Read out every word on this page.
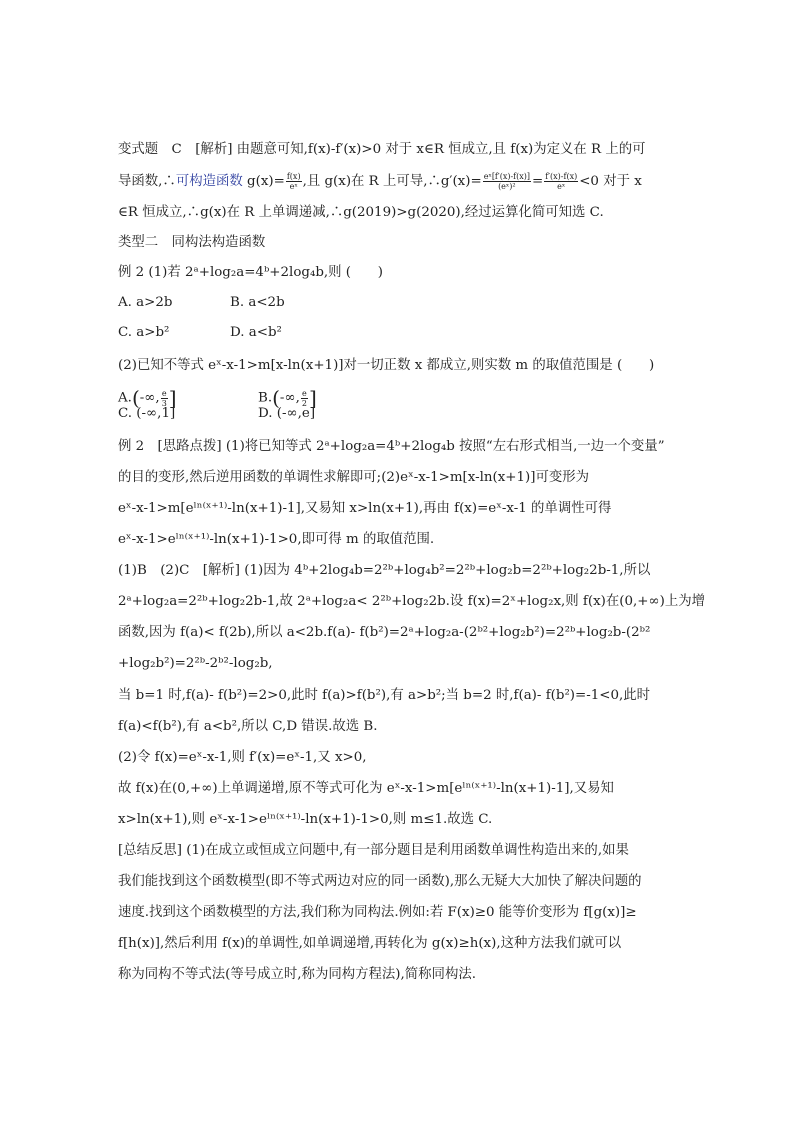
变式题　C　[解析] 由题意可知,f(x)-f′(x)>0 对于 x∈R 恒成立,且 f(x)为定义在 R 上的可
导函数,∴可构造函数 $g(x)= \frac{f(x)}{\text{eˣ}}$ ,且 g(x)在 R 上可导,∴g′(x)= $\frac{\text{eˣ[f′(x)-f(x)]}}{\text{(eˣ)²}} = \frac{f'(x)-f(x)}{\text{eˣ}} <0$ 对于 x
∈R 恒成立,∴g(x)在 R 上单调递减,∴g(2019)>g(2020),经过运算化简可知选 C.
类型二　同构法构造函数
例 2 (1)若 2ᵃ+log₂a=4ᵇ+2log₄b,则 (　　)
A. a>2b	B. a<2b
C. a>b²	D. a<b²
(2)已知不等式 eˣ-x-1>m[x-ln(x+1)]对一切正数 x 都成立,则实数 m 的取值范围是 (　　)
A.(-∞, $\frac{e}{3}$ ]	B.(-∞, $\frac{e}{2}$ ]
C. (-∞,1]	D. (-∞,e]
例 2　[思路点拨] (1)将已知等式 2ᵃ+log₂a=4ᵇ+2log₄b 按照“左右形式相当,一边一个变量”
的目的变形,然后逆用函数的单调性求解即可;(2)eˣ-x-1>m[x-ln(x+1)]可变形为
eˣ-x-1>m[eˡⁿ⁽ˣ⁺¹⁾-ln(x+1)-1],又易知 x>ln(x+1),再由 f(x)=eˣ-x-1 的单调性可得
eˣ-x-1>eˡⁿ⁽ˣ⁺¹⁾-ln(x+1)-1>0,即可得 m 的取值范围.
(1)B　(2)C　[解析] (1)因为 4ᵇ+2log₄b=2²ᵇ+log₄b²=2²ᵇ+log₂b=2²ᵇ+log₂2b-1,所以
2ᵃ+log₂a=2²ᵇ+log₂2b-1,故 2ᵃ+log₂a< 2²ᵇ+log₂2b.设 f(x)=2ˣ+log₂x,则 f(x)在(0,+∞)上为增
函数,因为 f(a)< f(2b),所以 a<2b.f(a)- f(b²)=2ᵃ+log₂a-(2ᵇ²+log₂b²)=2²ᵇ+log₂b-(2ᵇ²
+log₂b²)=2²ᵇ-2ᵇ²-log₂b,
当 b=1 时,f(a)- f(b²)=2>0,此时 f(a)>f(b²),有 a>b²;当 b=2 时,f(a)- f(b²)=-1<0,此时
f(a)<f(b²),有 a<b²,所以 C,D 错误.故选 B.
(2)令 f(x)=eˣ-x-1,则 f′(x)=eˣ-1,又 x>0,
故 f(x)在(0,+∞)上单调递增,原不等式可化为 eˣ-x-1>m[eˡⁿ⁽ˣ⁺¹⁾-ln(x+1)-1],又易知
x>ln(x+1),则 eˣ-x-1>eˡⁿ⁽ˣ⁺¹⁾-ln(x+1)-1>0,则 m≤1.故选 C.
[总结反思] (1)在成立或恒成立问题中,有一部分题目是利用函数单调性构造出来的,如果
我们能找到这个函数模型(即不等式两边对应的同一函数),那么无疑大大加快了解决问题的
速度.找到这个函数模型的方法,我们称为同构法.例如:若 F(x)≥0 能等价变形为 f[g(x)]≥
f[h(x)],然后利用 f(x)的单调性,如单调递增,再转化为 g(x)≥h(x),这种方法我们就可以
称为同构不等式法(等号成立时,称为同构方程法),简称同构法.
